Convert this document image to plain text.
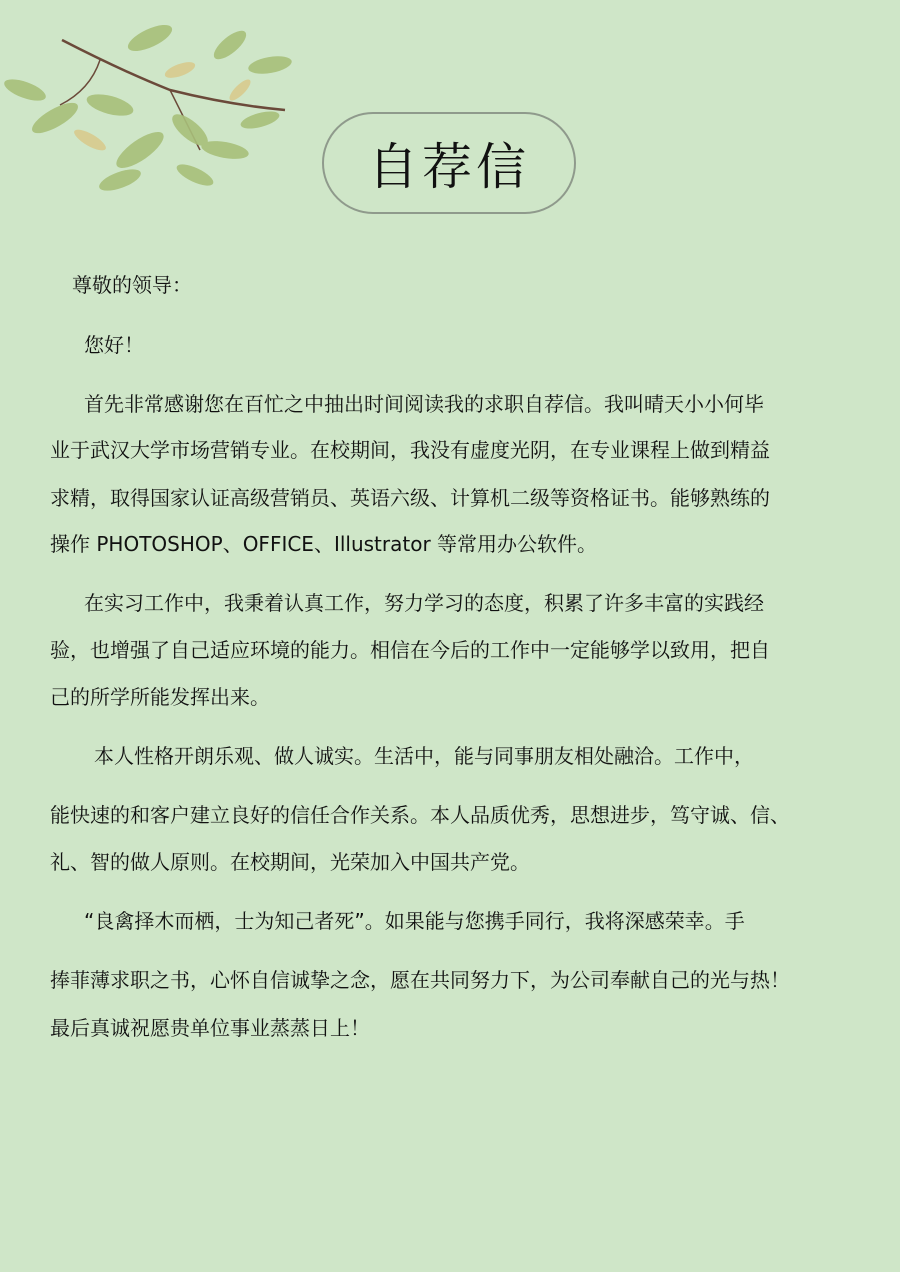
自荐信
尊敬的领导：
您好！
首先非常感谢您在百忙之中抽出时间阅读我的求职自荐信。我叫晴天小小何毕
业于武汉大学市场营销专业。在校期间，我没有虚度光阴，在专业课程上做到精益
求精，取得国家认证高级营销员、英语六级、计算机二级等资格证书。能够熟练的
操作 PHOTOSHOP、OFFICE、Illustrator 等常用办公软件。
在实习工作中，我秉着认真工作，努力学习的态度，积累了许多丰富的实践经
验，也增强了自己适应环境的能力。相信在今后的工作中一定能够学以致用，把自
己的所学所能发挥出来。
本人性格开朗乐观、做人诚实。生活中，能与同事朋友相处融洽。工作中，
能快速的和客户建立良好的信任合作关系。本人品质优秀，思想进步，笃守诚、信、
礼、智的做人原则。在校期间，光荣加入中国共产党。
“良禽择木而栖，士为知己者死”。如果能与您携手同行，我将深感荣幸。手
捧菲薄求职之书，心怀自信诚挚之念，愿在共同努力下，为公司奉献自己的光与热！
最后真诚祝愿贵单位事业蒸蒸日上！
